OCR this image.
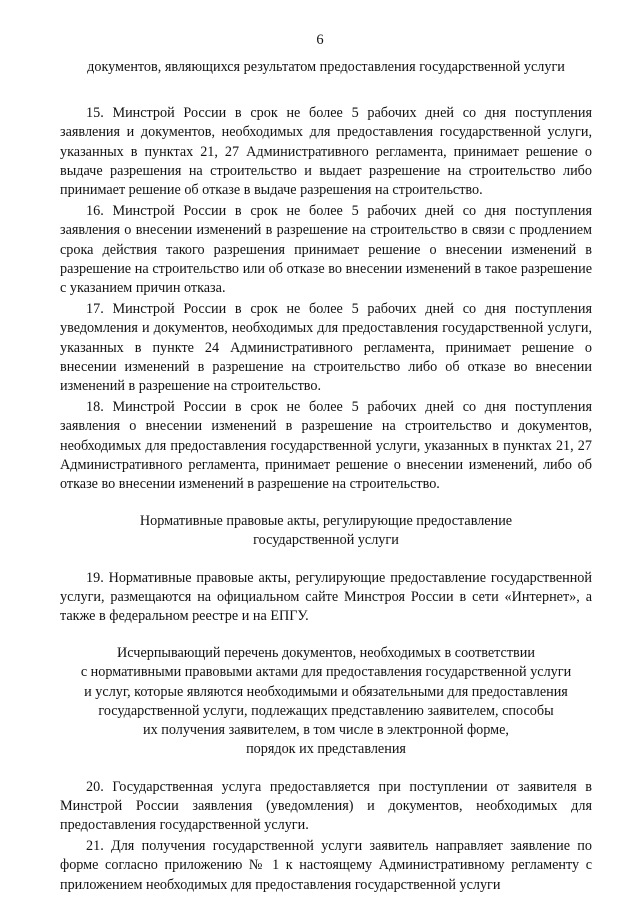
6

документов, являющихся результатом предоставления государственной услуги

15. Минстрой России в срок не более 5 рабочих дней со дня поступления заявления и документов, необходимых для предоставления государственной услуги, указанных в пунктах 21, 27 Административного регламента, принимает решение о выдаче разрешения на строительство и выдает разрешение на строительство либо принимает решение об отказе в выдаче разрешения на строительство.

16. Минстрой России в срок не более 5 рабочих дней со дня поступления заявления о внесении изменений в разрешение на строительство в связи с продлением срока действия такого разрешения принимает решение о внесении изменений в разрешение на строительство или об отказе во внесении изменений в такое разрешение с указанием причин отказа.

17. Минстрой России в срок не более 5 рабочих дней со дня поступления уведомления и документов, необходимых для предоставления государственной услуги, указанных в пункте 24 Административного регламента, принимает решение о внесении изменений в разрешение на строительство либо об отказе во внесении изменений в разрешение на строительство.

18. Минстрой России в срок не более 5 рабочих дней со дня поступления заявления о внесении изменений в разрешение на строительство и документов, необходимых для предоставления государственной услуги, указанных в пунктах 21, 27 Административного регламента, принимает решение о внесении изменений, либо об отказе во внесении изменений в разрешение на строительство.

Нормативные правовые акты, регулирующие предоставление
государственной услуги

19. Нормативные правовые акты, регулирующие предоставление государственной услуги, размещаются на официальном сайте Минстроя России в сети «Интернет», а также в федеральном реестре и на ЕПГУ.

Исчерпывающий перечень документов, необходимых в соответствии
с нормативными правовыми актами для предоставления государственной услуги
и услуг, которые являются необходимыми и обязательными для предоставления
государственной услуги, подлежащих представлению заявителем, способы
их получения заявителем, в том числе в электронной форме,
порядок их представления

20. Государственная услуга предоставляется при поступлении от заявителя в Минстрой России заявления (уведомления) и документов, необходимых для предоставления государственной услуги.

21. Для получения государственной услуги заявитель направляет заявление по форме согласно приложению № 1 к настоящему Административному регламенту с приложением необходимых для предоставления государственной услуги
